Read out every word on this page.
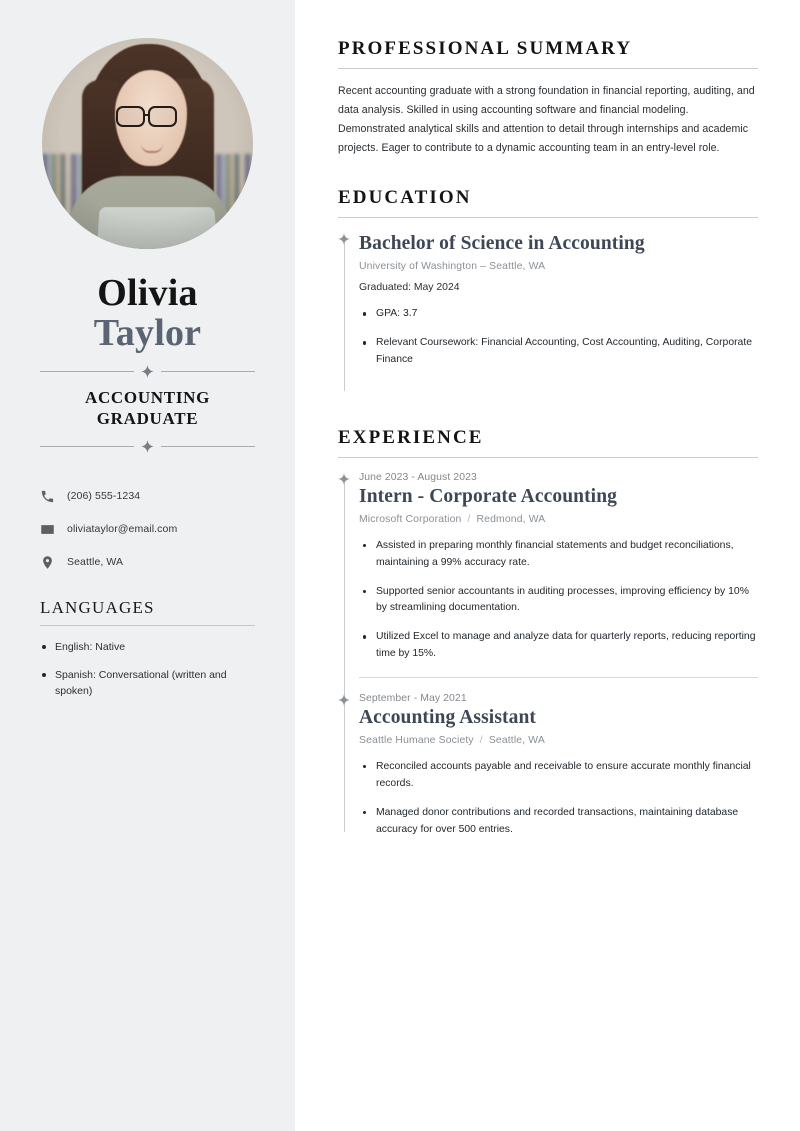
Olivia
Taylor
ACCOUNTING
GRADUATE
(206) 555-1234
oliviataylor@email.com
Seattle, WA
LANGUAGES
English: Native
Spanish: Conversational (written and spoken)
PROFESSIONAL SUMMARY

Recent accounting graduate with a strong foundation in financial reporting, auditing, and data analysis. Skilled in using accounting software and financial modeling. Demonstrated analytical skills and attention to detail through internships and academic projects. Eager to contribute to a dynamic accounting team in an entry-level role.

EDUCATION
Bachelor of Science in Accounting
University of Washington – Seattle, WA
Graduated: May 2024
GPA: 3.7
Relevant Coursework: Financial Accounting, Cost Accounting, Auditing, Corporate Finance
EXPERIENCE
June 2023 - August 2023
Intern - Corporate Accounting
Microsoft Corporation / Redmond, WA
Assisted in preparing monthly financial statements and budget reconciliations, maintaining a 99% accuracy rate.
Supported senior accountants in auditing processes, improving efficiency by 10% by streamlining documentation.
Utilized Excel to manage and analyze data for quarterly reports, reducing reporting time by 15%.
September - May 2021
Accounting Assistant
Seattle Humane Society / Seattle, WA
Reconciled accounts payable and receivable to ensure accurate monthly financial records.
Managed donor contributions and recorded transactions, maintaining database accuracy for over 500 entries.
